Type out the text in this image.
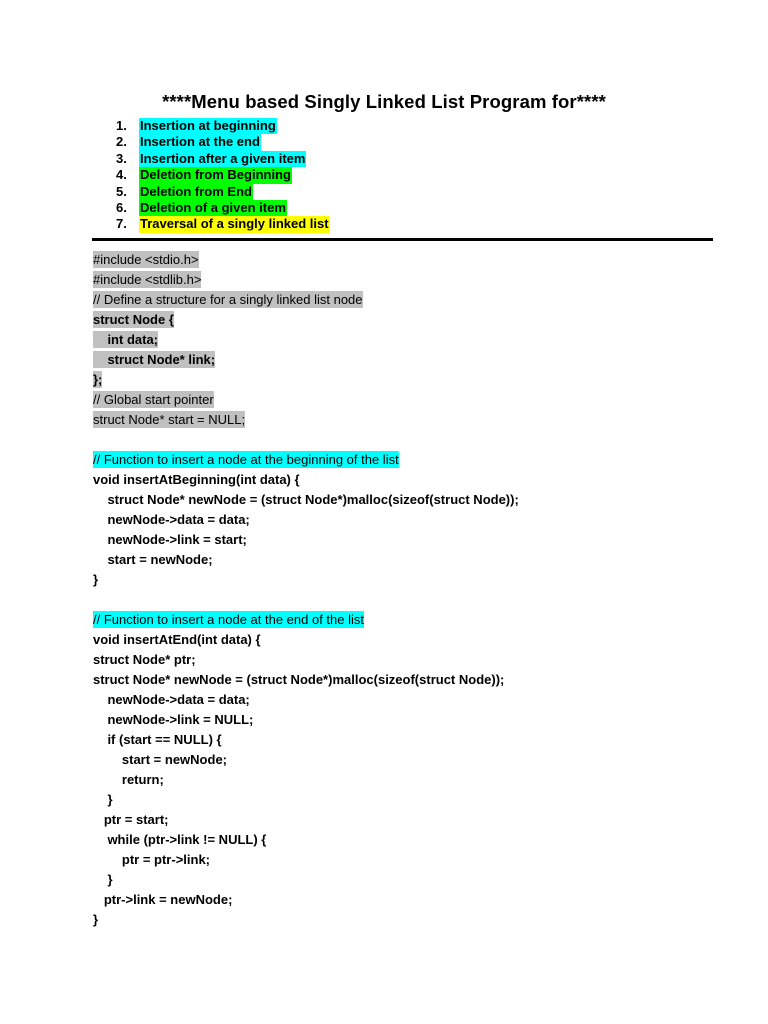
****Menu based Singly Linked List Program for****
1.	Insertion at beginning
2.	Insertion at the end
3.	Insertion after a given item
4.	Deletion from Beginning
5.	Deletion from End
6.	Deletion of a given item
7.	Traversal of a singly linked list
#include <stdio.h>
#include <stdlib.h>
// Define a structure for a singly linked list node
struct Node {
int data;
struct Node* link;
};
// Global start pointer
struct Node* start = NULL;
// Function to insert a node at the beginning of the list
void insertAtBeginning(int data) {
struct Node* newNode = (struct Node*)malloc(sizeof(struct Node));
newNode->data = data;
newNode->link = start;
start = newNode;
}
// Function to insert a node at the end of the list
void insertAtEnd(int data) {
struct Node* ptr;
struct Node* newNode = (struct Node*)malloc(sizeof(struct Node));
newNode->data = data;
newNode->link = NULL;
if (start == NULL) {
start = newNode;
return;
}
ptr = start;
while (ptr->link != NULL) {
ptr = ptr->link;
}
ptr->link = newNode;
}
